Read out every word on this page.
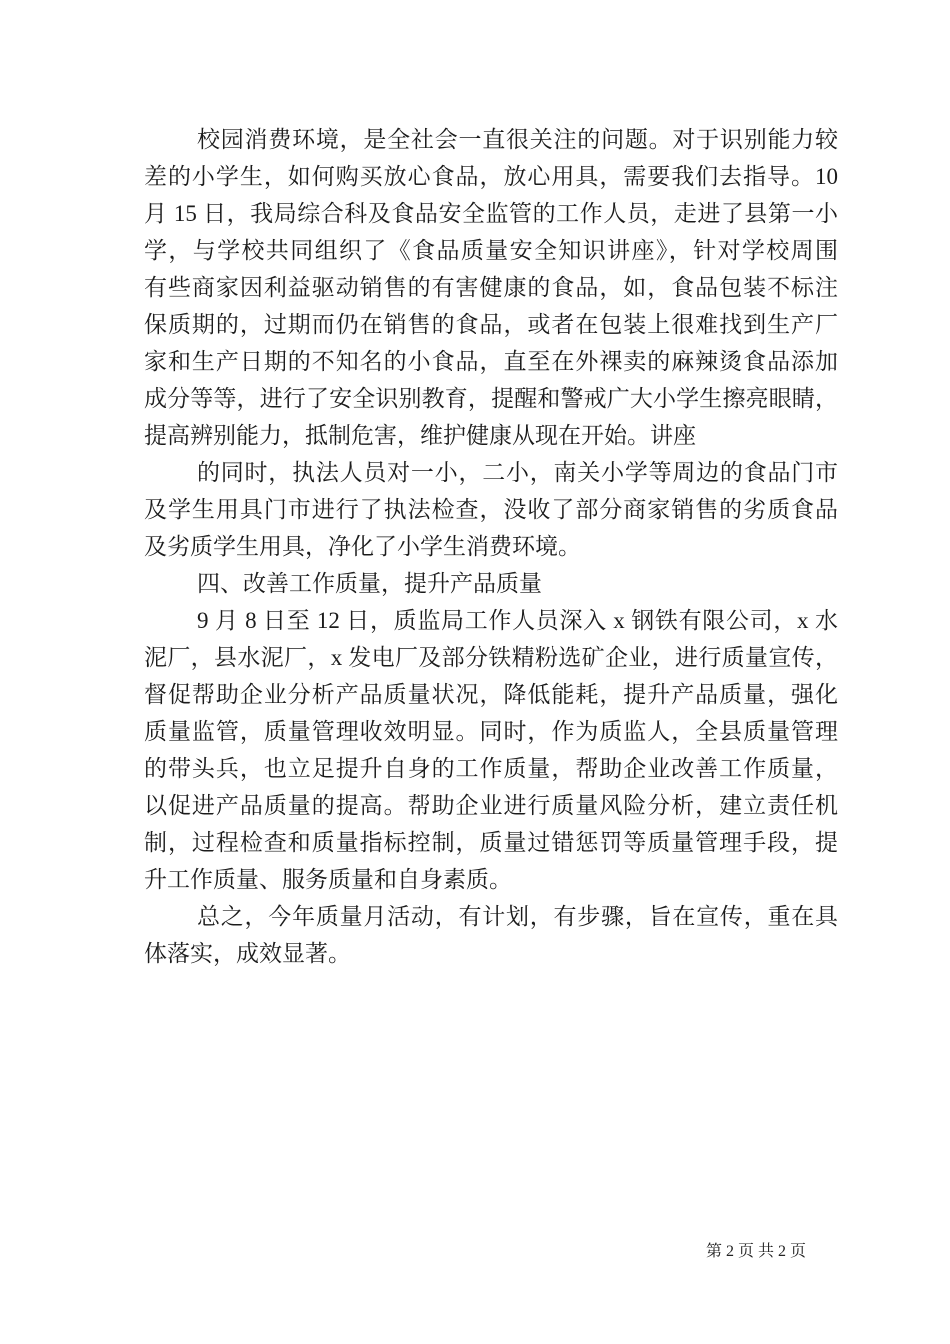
校园消费环境，是全社会一直很关注的问题。对于识别能力较
差的小学生，如何购买放心食品，放心用具，需要我们去指导。10
月 15 日，我局综合科及食品安全监管的工作人员，走进了县第一小
学，与学校共同组织了《食品质量安全知识讲座》，针对学校周围
有些商家因利益驱动销售的有害健康的食品，如，食品包装不标注
保质期的，过期而仍在销售的食品，或者在包装上很难找到生产厂
家和生产日期的不知名的小食品，直至在外裸卖的麻辣烫食品添加
成分等等，进行了安全识别教育，提醒和警戒广大小学生擦亮眼睛，
提高辨别能力，抵制危害，维护健康从现在开始。讲座
的同时，执法人员对一小，二小，南关小学等周边的食品门市
及学生用具门市进行了执法检查，没收了部分商家销售的劣质食品
及劣质学生用具，净化了小学生消费环境。
四、改善工作质量，提升产品质量
9 月 8 日至 12 日，质监局工作人员深入 x 钢铁有限公司，x 水
泥厂，县水泥厂，x 发电厂及部分铁精粉选矿企业，进行质量宣传，
督促帮助企业分析产品质量状况，降低能耗，提升产品质量，强化
质量监管，质量管理收效明显。同时，作为质监人，全县质量管理
的带头兵，也立足提升自身的工作质量，帮助企业改善工作质量，
以促进产品质量的提高。帮助企业进行质量风险分析，建立责任机
制，过程检查和质量指标控制，质量过错惩罚等质量管理手段，提
升工作质量、服务质量和自身素质。
总之，今年质量月活动，有计划，有步骤，旨在宣传，重在具
体落实，成效显著。
第 2 页 共 2 页
